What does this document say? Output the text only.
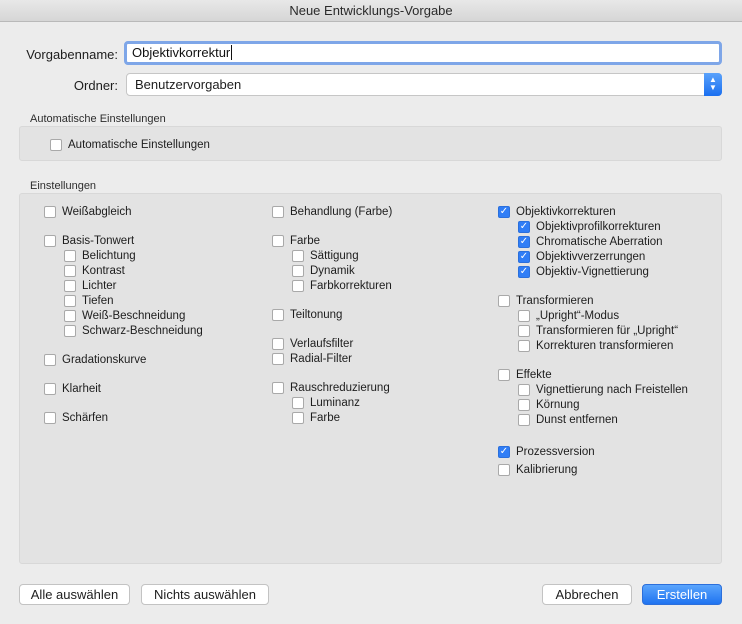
Neue Entwicklungs-Vorgabe
Vorgabenname:	Objektivkorrektur
Ordner:	Benutzervorgaben	▲
▼
Automatische Einstellungen
Automatische Einstellungen
Einstellungen
Weißabgleich
Basis-Tonwert
Belichtung
Kontrast
Lichter
Tiefen
Weiß-Beschneidung
Schwarz-Beschneidung
Gradationskurve
Klarheit
Schärfen
Behandlung (Farbe)
Farbe
Sättigung
Dynamik
Farbkorrekturen
Teiltonung
Verlaufsfilter
Radial-Filter
Rauschreduzierung
Luminanz
Farbe
✓ Objektivkorrekturen
✓ Objektivprofilkorrekturen
✓ Chromatische Aberration
✓ Objektivverzerrungen
✓ Objektiv-Vignettierung
Transformieren
„Upright“-Modus
Transformieren für „Upright“
Korrekturen transformieren
Effekte
Vignettierung nach Freistellen
Körnung
Dunst entfernen
✓ Prozessversion
Kalibrierung
Alle auswählen	Nichts auswählen	Abbrechen	Erstellen
